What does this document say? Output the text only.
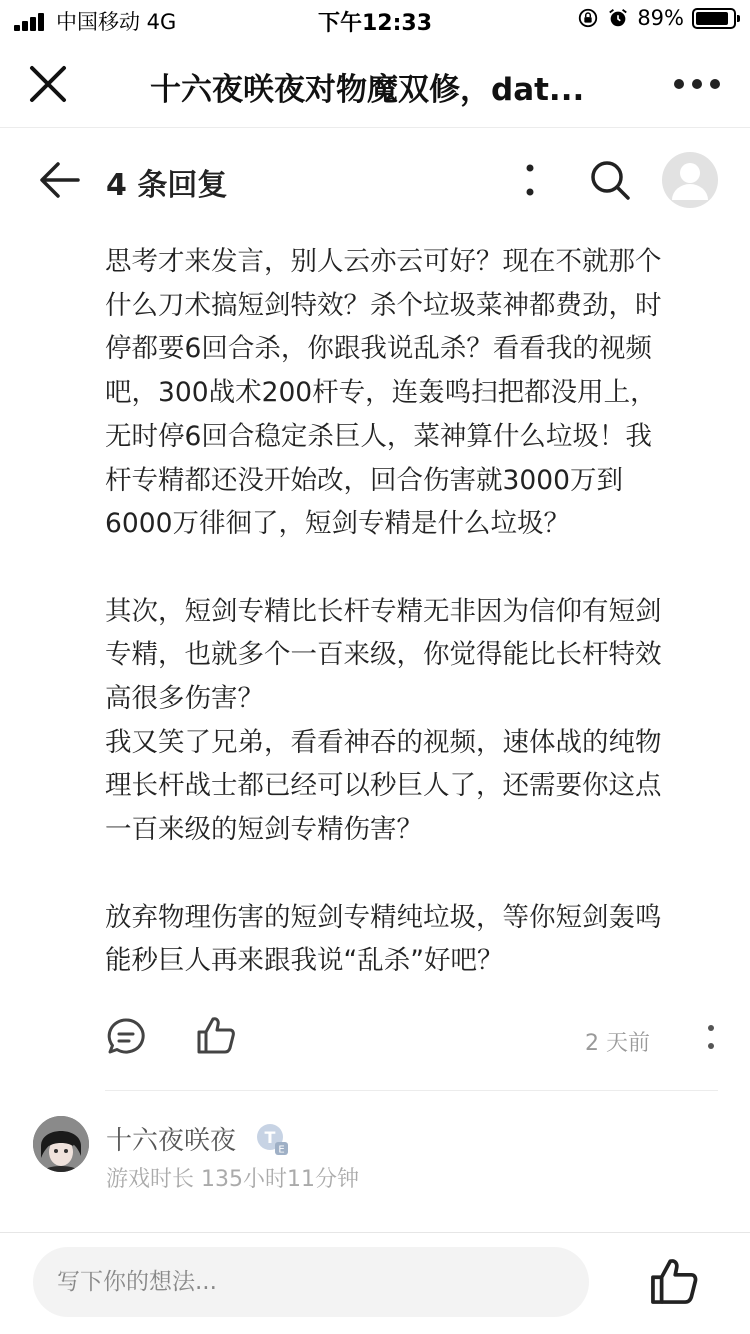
中国移动 4G	下午12:33	89%
十六夜咲夜对物魔双修，dat...
4 条回复

思考才来发言，别人云亦云可好？现在不就那个
什么刀术搞短剑特效？杀个垃圾菜神都费劲，时
停都要6回合杀，你跟我说乱杀？看看我的视频
吧，300战术200杆专，连轰鸣扫把都没用上，
无时停6回合稳定杀巨人，菜神算什么垃圾！我
杆专精都还没开始改，回合伤害就3000万到
6000万徘徊了，短剑专精是什么垃圾？

其次，短剑专精比长杆专精无非因为信仰有短剑
专精，也就多个一百来级，你觉得能比长杆特效
高很多伤害？
我又笑了兄弟，看看神吞的视频，速体战的纯物
理长杆战士都已经可以秒巨人了，还需要你这点
一百来级的短剑专精伤害？

放弃物理伤害的短剑专精纯垃圾，等你短剑轰鸣
能秒巨人再来跟我说“乱杀”好吧？

2 天前
十六夜咲夜 T
E
游戏时长 135小时11分钟
写下你的想法...
